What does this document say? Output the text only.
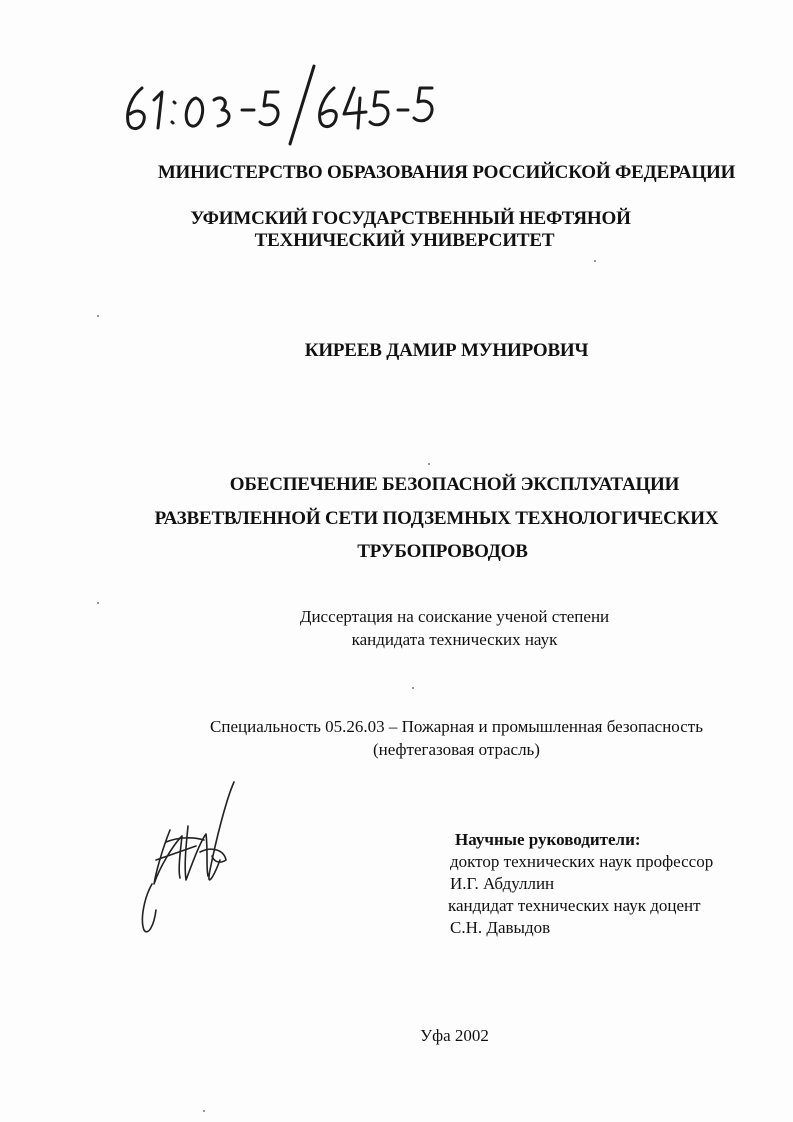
МИНИСТЕРСТВО ОБРАЗОВАНИЯ РОССИЙСКОЙ ФЕДЕРАЦИИ
УФИМСКИЙ ГОСУДАРСТВЕННЫЙ НЕФТЯНОЙ
ТЕХНИЧЕСКИЙ УНИВЕРСИТЕТ
КИРЕЕВ ДАМИР МУНИРОВИЧ
ОБЕСПЕЧЕНИЕ БЕЗОПАСНОЙ ЭКСПЛУАТАЦИИ
РАЗВЕТВЛЕННОЙ СЕТИ ПОДЗЕМНЫХ ТЕХНОЛОГИЧЕСКИХ
ТРУБОПРОВОДОВ
Диссертация на соискание ученой степени
кандидата технических наук
Специальность 05.26.03 – Пожарная и промышленная безопасность
(нефтегазовая отрасль)
Научные руководители:
доктор технических наук профессор
И.Г. Абдуллин
кандидат технических наук доцент
С.Н. Давыдов
Уфа 2002
